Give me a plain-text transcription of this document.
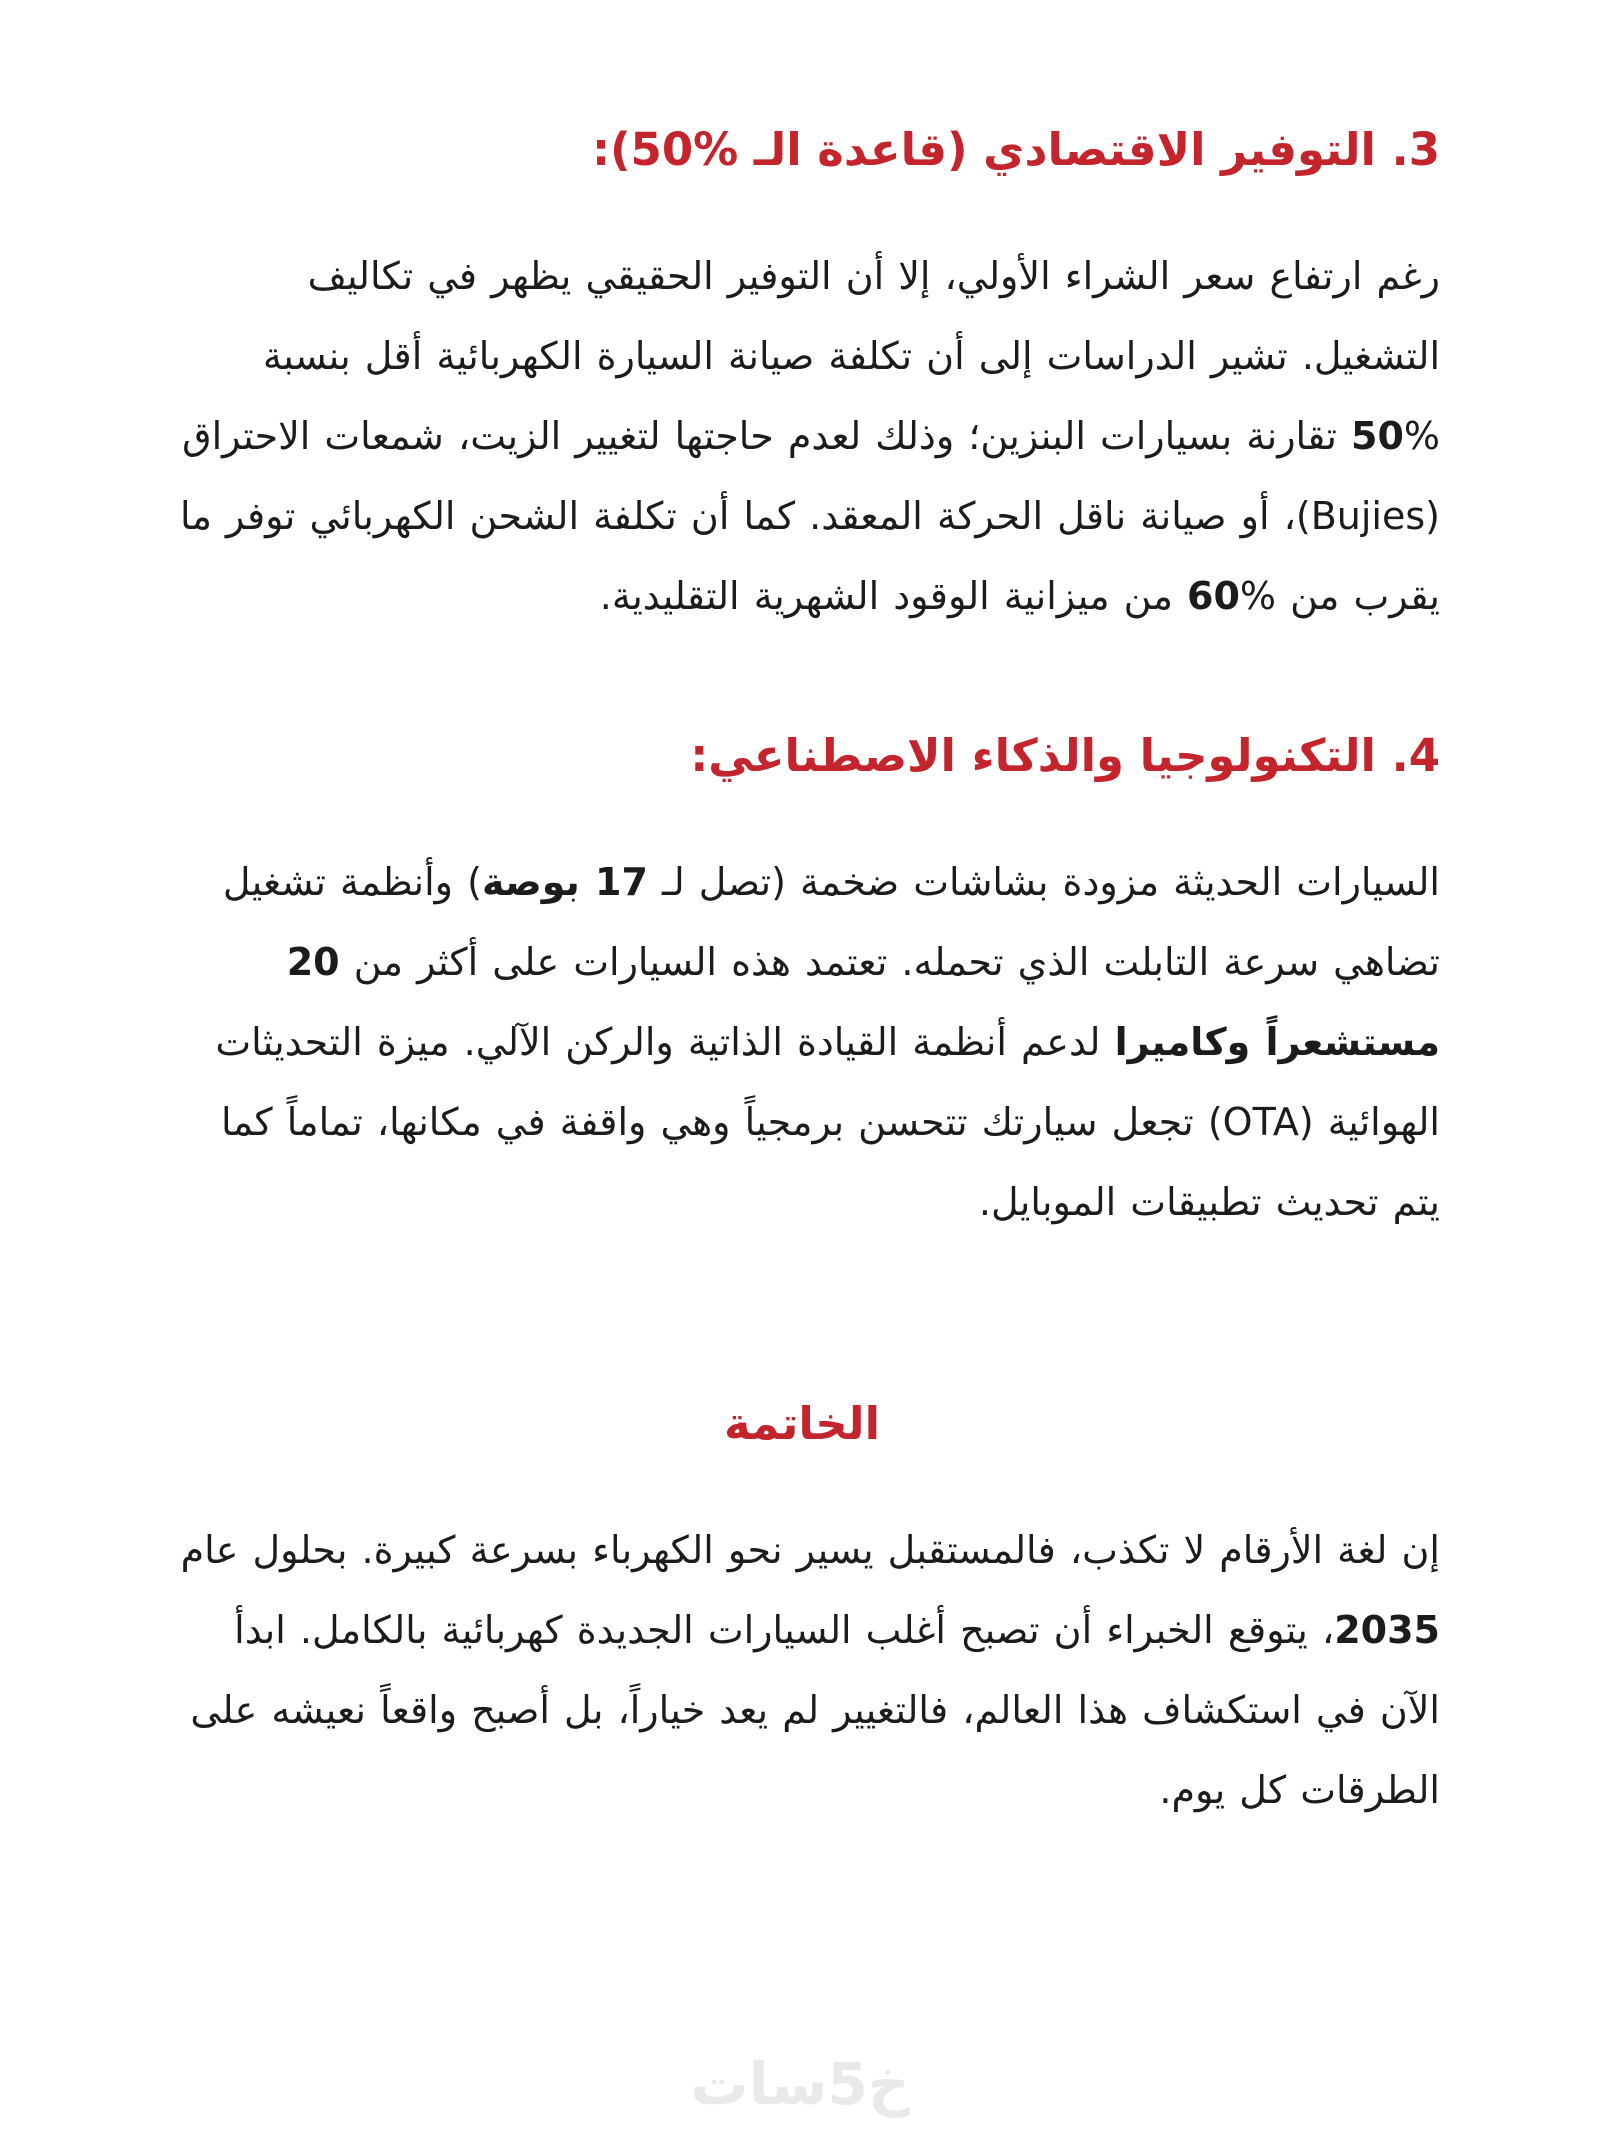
3. التوفير الاقتصادي (قاعدة الـ %50):

رغم ارتفاع سعر الشراء الأولي، إلا أن التوفير الحقيقي يظهر في تكاليف التشغيل. تشير الدراسات إلى أن تكلفة صيانة السيارة الكهربائية أقل بنسبة %50 تقارنة بسيارات البنزين؛ وذلك لعدم حاجتها لتغيير الزيت، شمعات الاحتراق (Bujies)، أو صيانة ناقل الحركة المعقد. كما أن تكلفة الشحن الكهربائي توفر ما يقرب من %60 من ميزانية الوقود الشهرية التقليدية.

4. التكنولوجيا والذكاء الاصطناعي:

السيارات الحديثة مزودة بشاشات ضخمة (تصل لـ 17 بوصة) وأنظمة تشغيل تضاهي سرعة التابلت الذي تحمله. تعتمد هذه السيارات على أكثر من 20 مستشعراً وكاميرا لدعم أنظمة القيادة الذاتية والركن الآلي. ميزة التحديثات الهوائية (OTA) تجعل سيارتك تتحسن برمجياً وهي واقفة في مكانها، تماماً كما يتم تحديث تطبيقات الموبايل.

الخاتمة

إن لغة الأرقام لا تكذب، فالمستقبل يسير نحو الكهرباء بسرعة كبيرة. بحلول عام 2035، يتوقع الخبراء أن تصبح أغلب السيارات الجديدة كهربائية بالكامل. ابدأ الآن في استكشاف هذا العالم، فالتغيير لم يعد خياراً، بل أصبح واقعاً نعيشه على الطرقات كل يوم.

خ5سات
